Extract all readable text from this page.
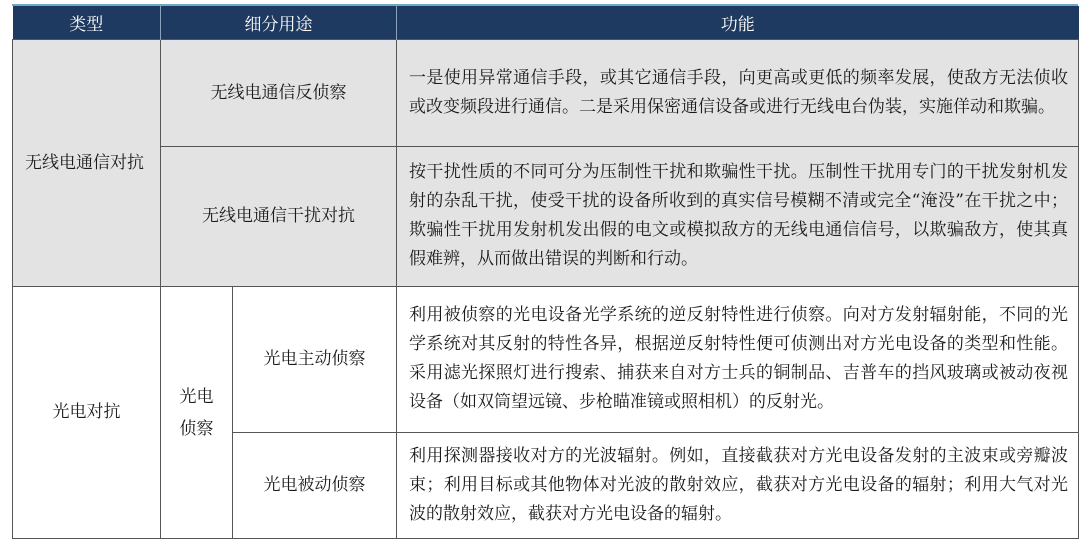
类型	细分用途		功能

无线电通信对抗	无线电通信反侦察		一是使用异常通信手段，或其它通信手段，向更高或更低的频率发展，使敌方无法侦收或改变频段进行通信。二是采用保密通信设备或进行无线电台伪装，实施佯动和欺骗。
	无线电通信干扰对抗		按干扰性质的不同可分为压制性干扰和欺骗性干扰。压制性干扰用专门的干扰发射机发射的杂乱干扰，使受干扰的设备所收到的真实信号模糊不清或完全“淹没”在干扰之中；欺骗性干扰用发射机发出假的电文或模拟敌方的无线电通信信号，以欺骗敌方，使其真假难辨，从而做出错误的判断和行动。
光电对抗	光电侦察	光电主动侦察	利用被侦察的光电设备光学系统的逆反射特性进行侦察。向对方发射辐射能，不同的光学系统对其反射的特性各异，根据逆反射特性便可侦测出对方光电设备的类型和性能。采用滤光探照灯进行搜索、捕获来自对方士兵的铜制品、吉普车的挡风玻璃或被动夜视设备（如双筒望远镜、步枪瞄准镜或照相机）的反射光。
		光电被动侦察	利用探测器接收对方的光波辐射。例如，直接截获对方光电设备发射的主波束或旁瓣波束；利用目标或其他物体对光波的散射效应，截获对方光电设备的辐射；利用大气对光波的散射效应，截获对方光电设备的辐射。
